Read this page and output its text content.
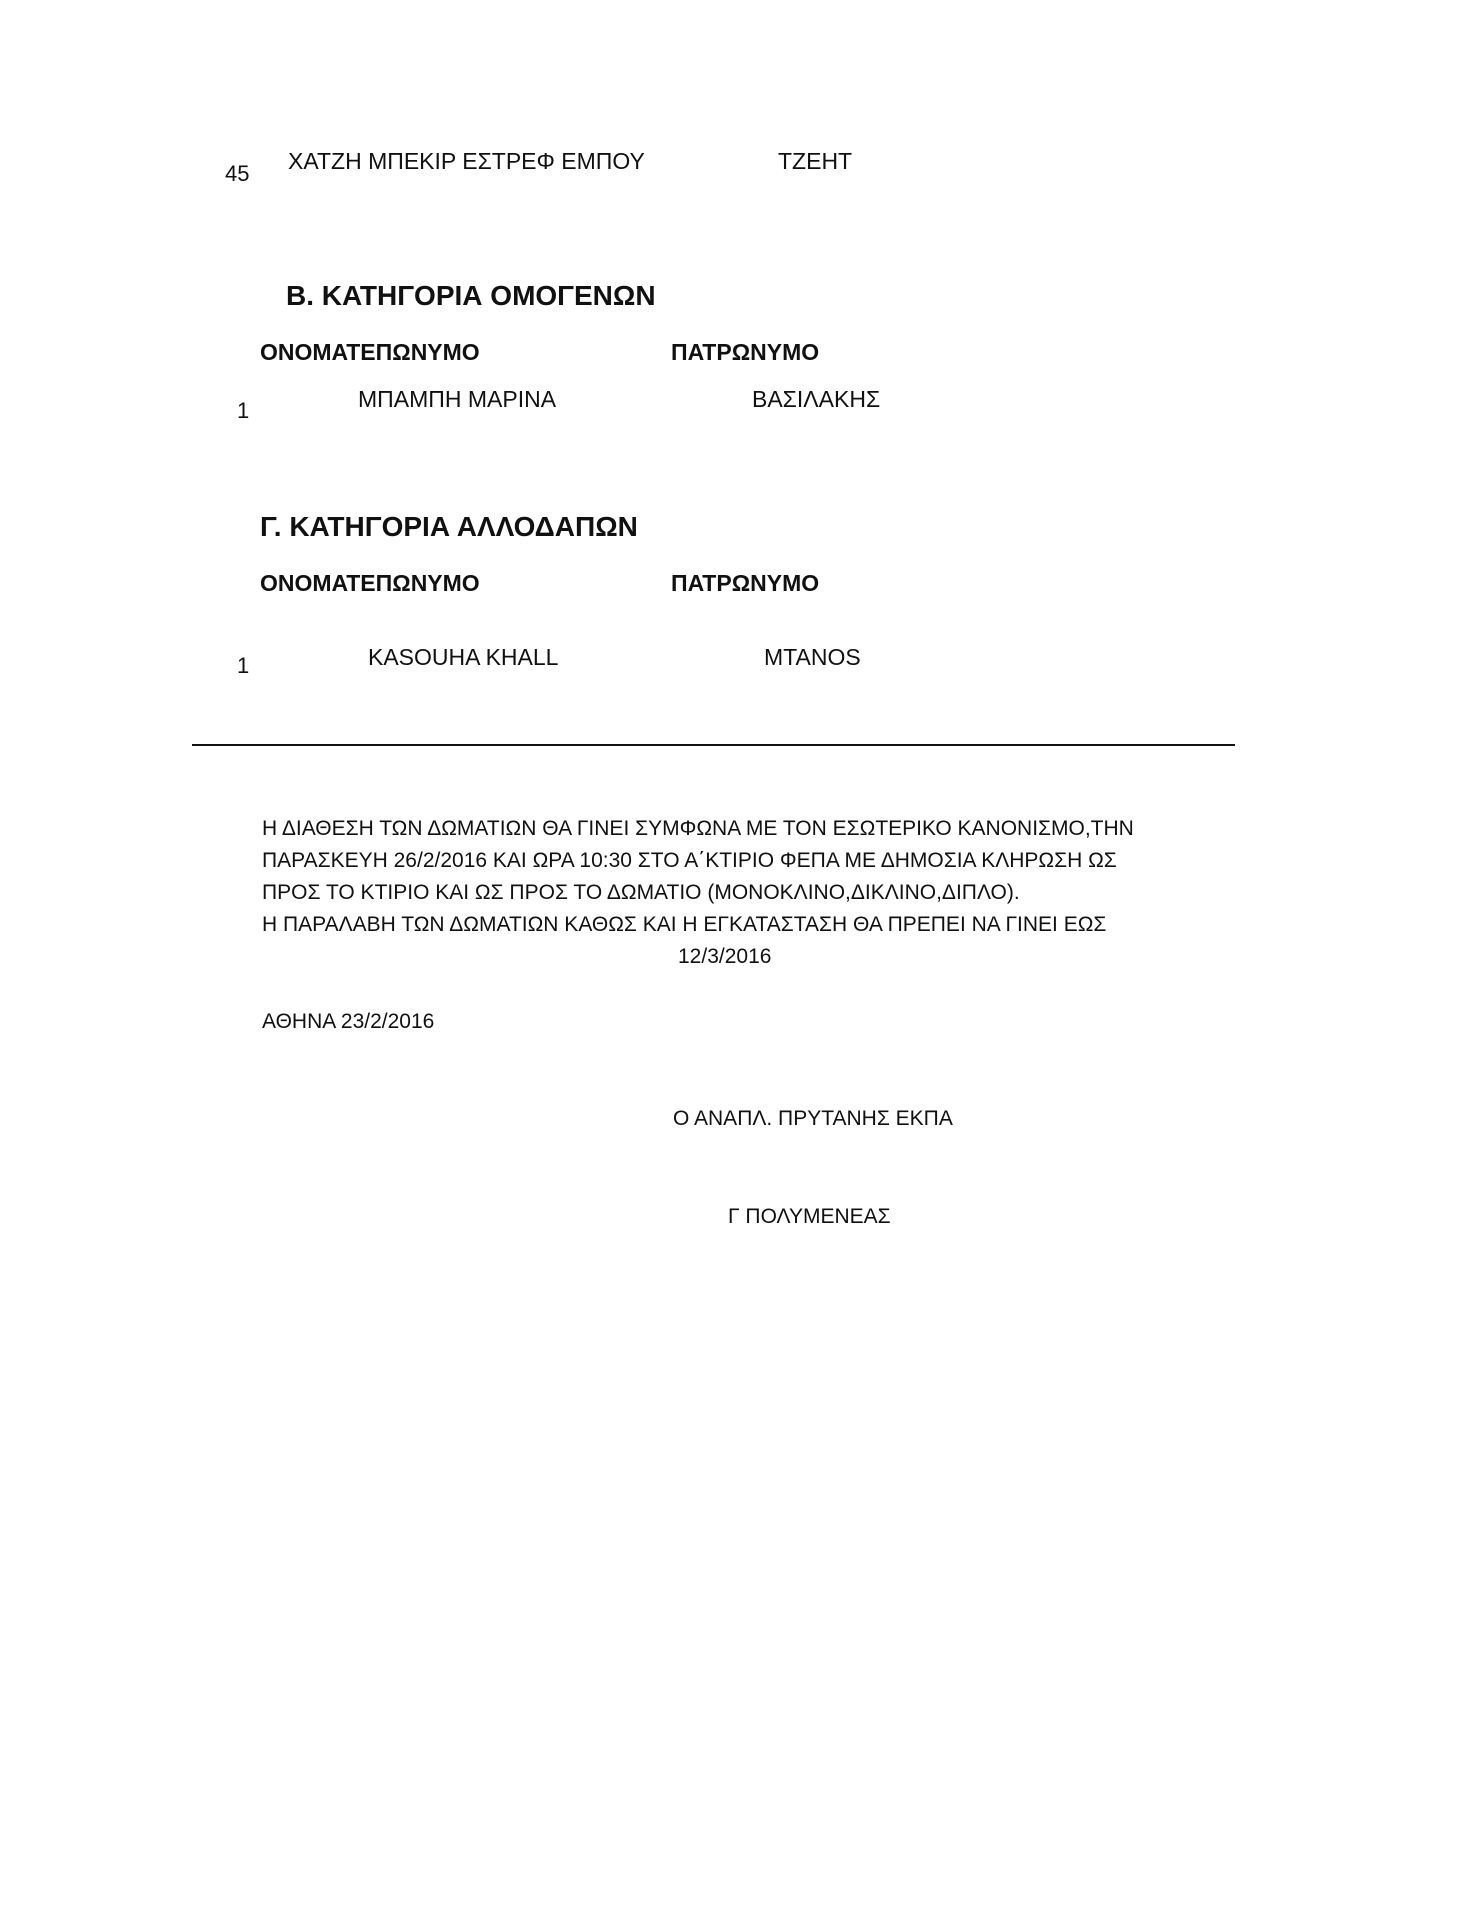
45 ΧΑΤΖΗ ΜΠΕΚΙΡ ΕΣΤΡΕΦ ΕΜΠΟΥ	ΤΖΕΗΤ
Β. ΚΑΤΗΓΟΡΙΑ ΟΜΟΓΕΝΩΝ
ΟΝΟΜΑΤΕΠΩΝΥΜΟ	ΠΑΤΡΩΝΥΜΟ
1	ΜΠΑΜΠΗ ΜΑΡΙΝΑ	ΒΑΣΙΛΑΚΗΣ
Γ. ΚΑΤΗΓΟΡΙΑ ΑΛΛΟΔΑΠΩΝ
ΟΝΟΜΑΤΕΠΩΝΥΜΟ	ΠΑΤΡΩΝΥΜΟ
1	KASOUHA KHALL	MTANOS
Η ΔΙΑΘΕΣΗ ΤΩΝ ΔΩΜΑΤΙΩΝ ΘΑ ΓΙΝΕΙ ΣΥΜΦΩΝΑ ΜΕ ΤΟΝ ΕΣΩΤΕΡΙΚΟ ΚΑΝΟΝΙΣΜΟ,ΤΗΝ
ΠΑΡΑΣΚΕΥΗ 26/2/2016 ΚΑΙ ΩΡΑ 10:30 ΣΤΟ Α΄ΚΤΙΡΙΟ ΦΕΠΑ ΜΕ ΔΗΜΟΣΙΑ ΚΛΗΡΩΣΗ ΩΣ
ΠΡΟΣ ΤΟ ΚΤΙΡΙΟ ΚΑΙ ΩΣ ΠΡΟΣ ΤΟ ΔΩΜΑΤΙΟ (ΜΟΝΟΚΛΙΝΟ,ΔΙΚΛΙΝΟ,ΔΙΠΛΟ).
Η ΠΑΡΑΛΑΒΗ ΤΩΝ ΔΩΜΑΤΙΩΝ ΚΑΘΩΣ ΚΑΙ Η ΕΓΚΑΤΑΣΤΑΣΗ ΘΑ ΠΡΕΠΕΙ ΝΑ ΓΙΝΕΙ ΕΩΣ
12/3/2016
ΑΘΗΝΑ 23/2/2016
Ο ΑΝΑΠΛ. ΠΡΥΤΑΝΗΣ ΕΚΠΑ
Γ ΠΟΛΥΜΕΝΕΑΣ
